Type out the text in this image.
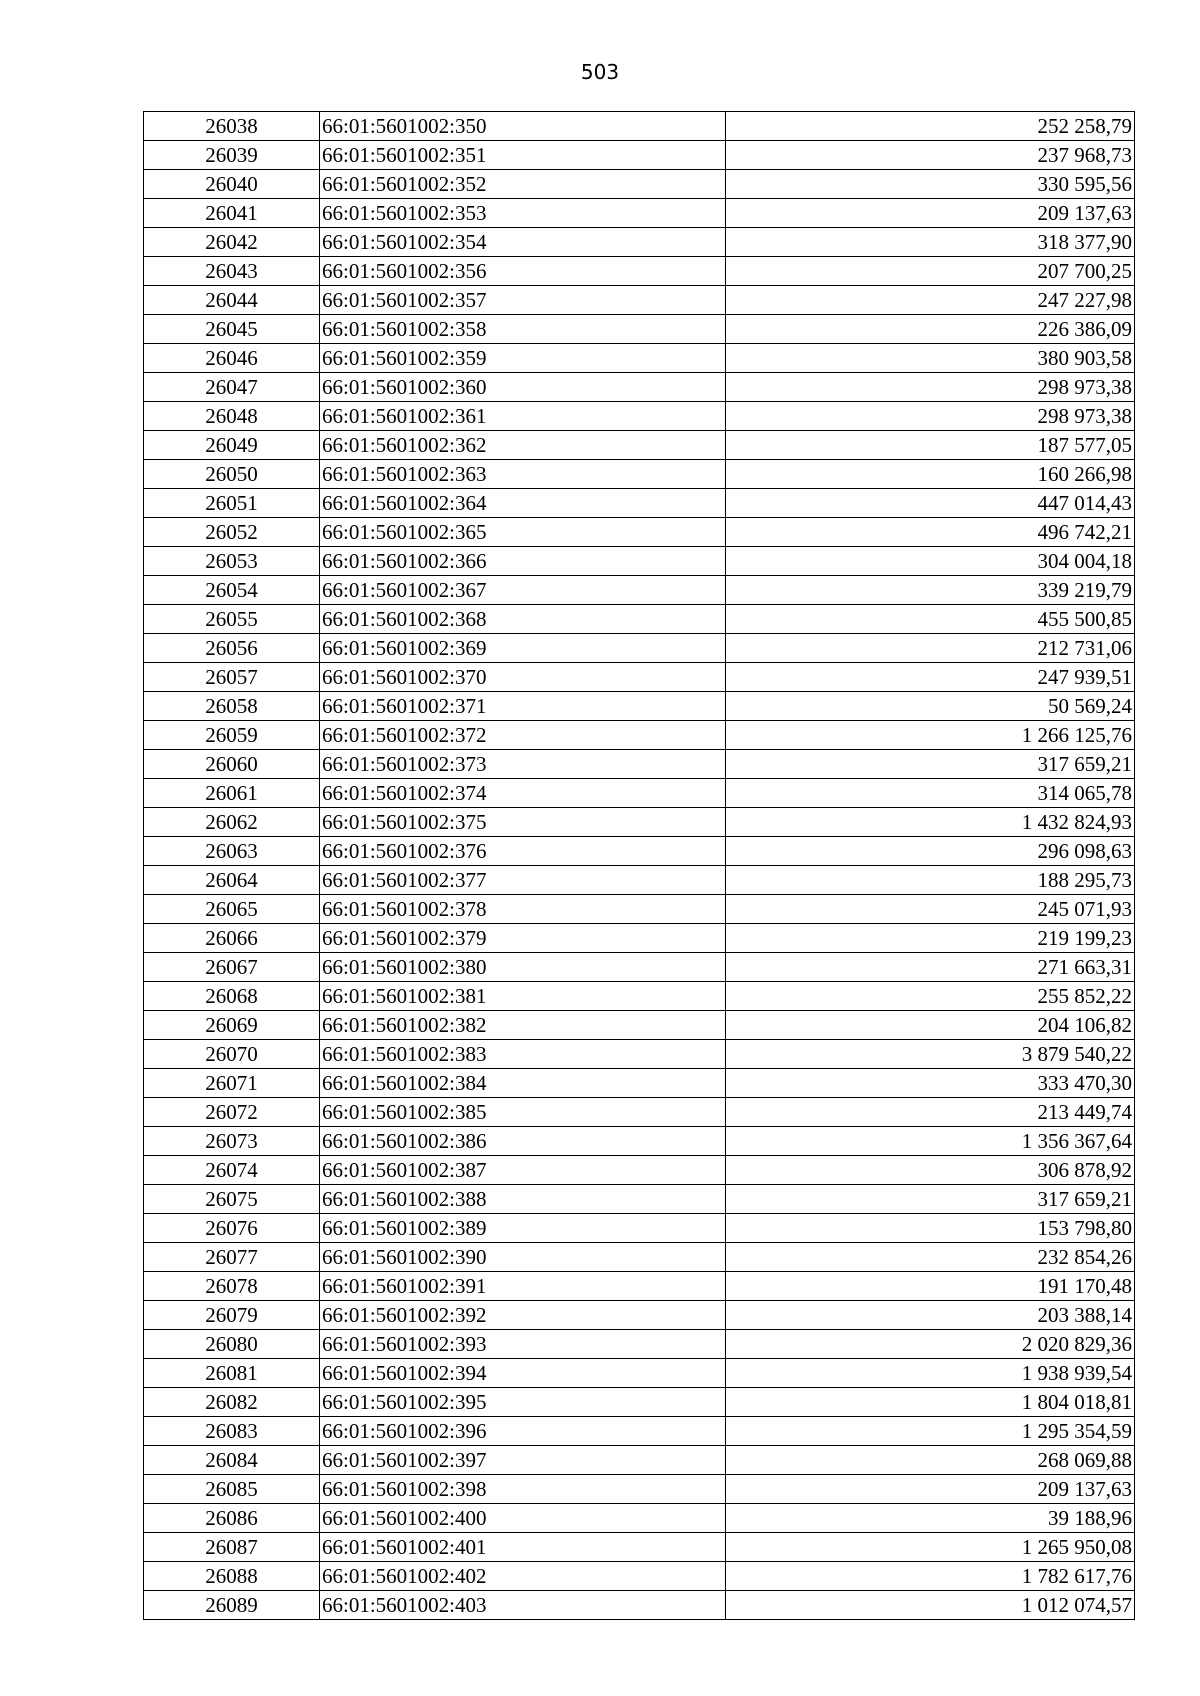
503
26038	66:01:5601002:350	252 258,79
26039	66:01:5601002:351	237 968,73
26040	66:01:5601002:352	330 595,56
26041	66:01:5601002:353	209 137,63
26042	66:01:5601002:354	318 377,90
26043	66:01:5601002:356	207 700,25
26044	66:01:5601002:357	247 227,98
26045	66:01:5601002:358	226 386,09
26046	66:01:5601002:359	380 903,58
26047	66:01:5601002:360	298 973,38
26048	66:01:5601002:361	298 973,38
26049	66:01:5601002:362	187 577,05
26050	66:01:5601002:363	160 266,98
26051	66:01:5601002:364	447 014,43
26052	66:01:5601002:365	496 742,21
26053	66:01:5601002:366	304 004,18
26054	66:01:5601002:367	339 219,79
26055	66:01:5601002:368	455 500,85
26056	66:01:5601002:369	212 731,06
26057	66:01:5601002:370	247 939,51
26058	66:01:5601002:371	50 569,24
26059	66:01:5601002:372	1 266 125,76
26060	66:01:5601002:373	317 659,21
26061	66:01:5601002:374	314 065,78
26062	66:01:5601002:375	1 432 824,93
26063	66:01:5601002:376	296 098,63
26064	66:01:5601002:377	188 295,73
26065	66:01:5601002:378	245 071,93
26066	66:01:5601002:379	219 199,23
26067	66:01:5601002:380	271 663,31
26068	66:01:5601002:381	255 852,22
26069	66:01:5601002:382	204 106,82
26070	66:01:5601002:383	3 879 540,22
26071	66:01:5601002:384	333 470,30
26072	66:01:5601002:385	213 449,74
26073	66:01:5601002:386	1 356 367,64
26074	66:01:5601002:387	306 878,92
26075	66:01:5601002:388	317 659,21
26076	66:01:5601002:389	153 798,80
26077	66:01:5601002:390	232 854,26
26078	66:01:5601002:391	191 170,48
26079	66:01:5601002:392	203 388,14
26080	66:01:5601002:393	2 020 829,36
26081	66:01:5601002:394	1 938 939,54
26082	66:01:5601002:395	1 804 018,81
26083	66:01:5601002:396	1 295 354,59
26084	66:01:5601002:397	268 069,88
26085	66:01:5601002:398	209 137,63
26086	66:01:5601002:400	39 188,96
26087	66:01:5601002:401	1 265 950,08
26088	66:01:5601002:402	1 782 617,76
26089	66:01:5601002:403	1 012 074,57
